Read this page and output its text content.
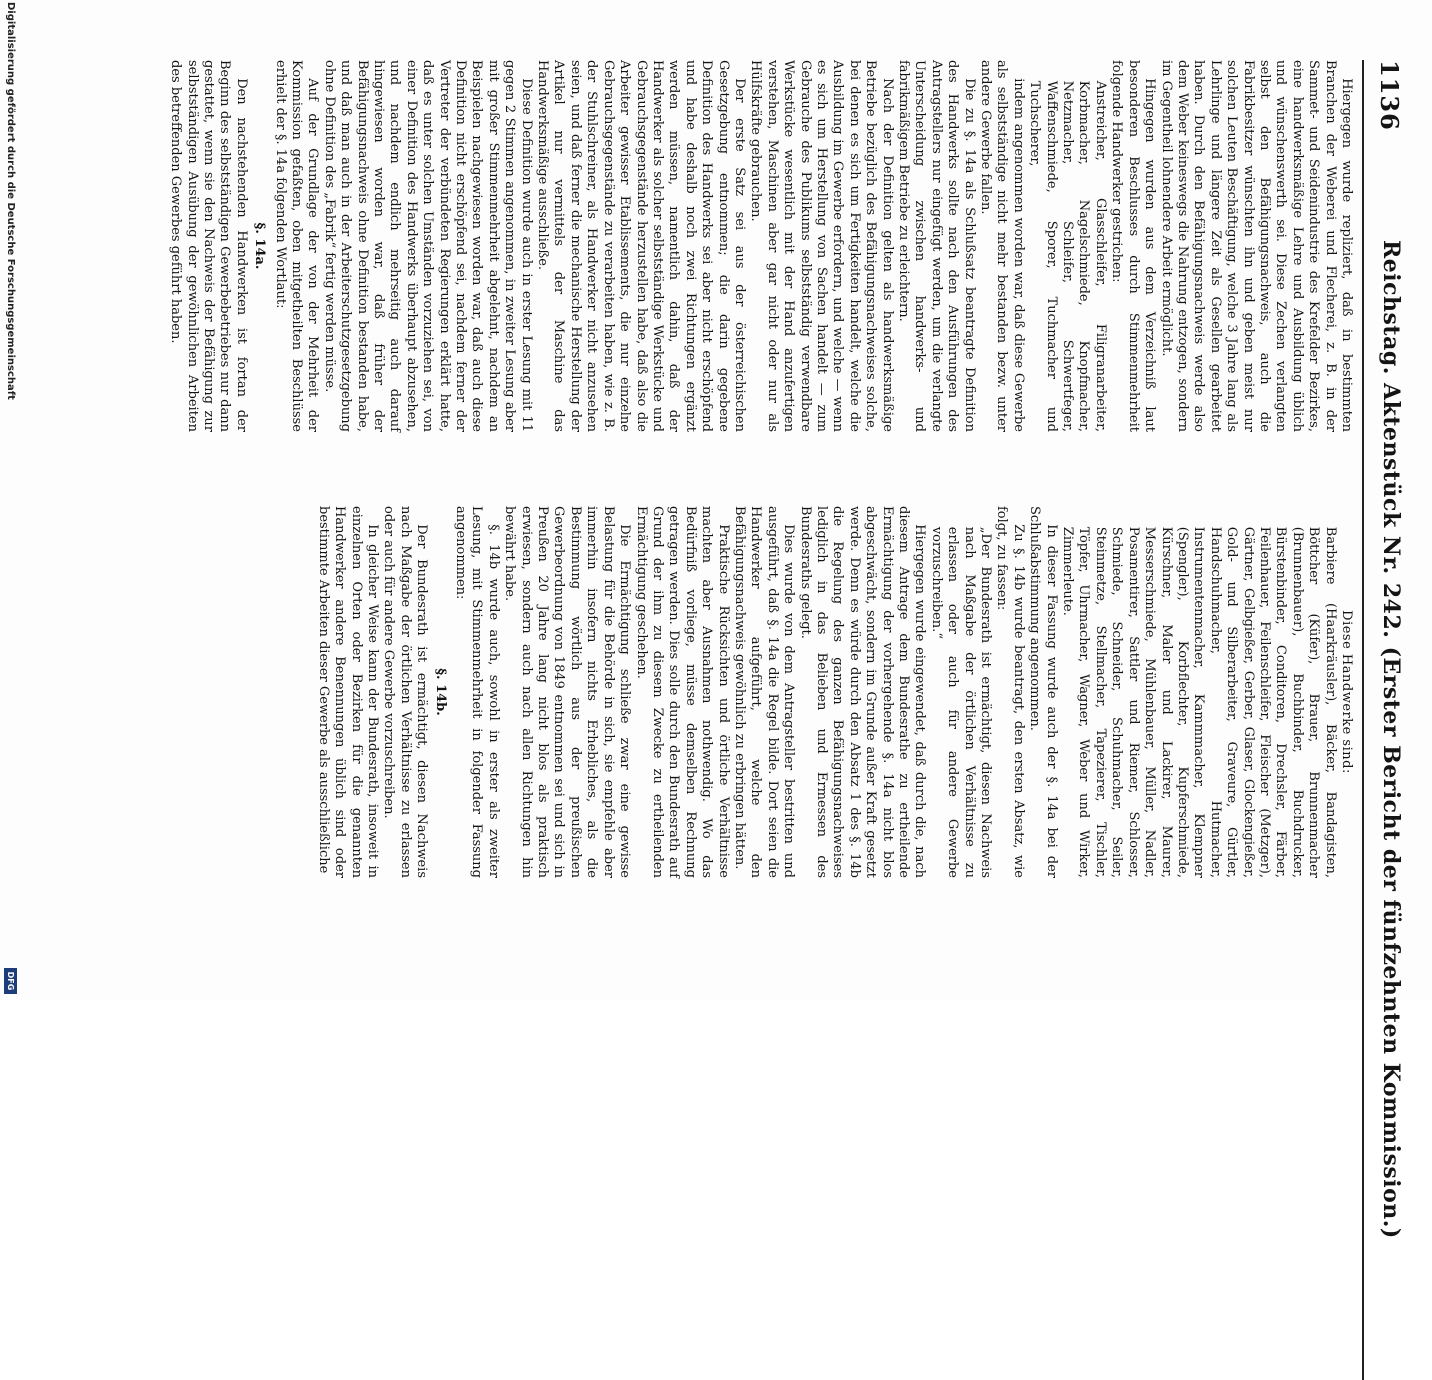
1136
Reichstag. Aktenstück Nr. 242. (Erster Bericht der fünfzehnten Kommission.)

Hiergegen wurde repliziert, daß in bestimmten Branchen der Weberei und Flecherei, z. B. in der Sammet- und Seidenindustrie des Krefelder Bezirkes, eine handwerksmäßige Lehre und Ausbildung üblich und wünschenswerth sei. Diese Zechen verlangten selbst den Befähigungsnachweis, auch die Fabrikbesitzer wünschten ihn und geben meist nur solchen Leuten Beschäftigung, welche 3 Jahre lang als Lehrlinge und längere Zeit als Gesellen gearbeitet haben. Durch den Befähigungsnachweis werde also dem Weber keineswegs die Nahrung entzogen, sondern im Gegentheil lohnendere Arbeit ermöglicht.

Hingegen wurden aus dem Verzeichniß laut besonderen Beschlusses durch Stimmenmehrheit folgende Handwerker gestrichen:

Anstreicher, Glasschleifer, Filigranarbeiter, Korbmacher, Nagelschmiede, Knopfmacher, Netzmacher, Schleifer, Schwertfeger, Waffenschmiede, Sporer, Tuchmacher und Tuchscherer,

indem angenommen worden war, daß diese Gewerbe als selbstständige nicht mehr bestanden bezw. unter andere Gewerbe fallen.

Die zu §. 14a als Schlußsatz beantragte Definition des Handwerks sollte nach den Ausführungen des Antragstellers nur eingefügt werden, um die verlangte Unterscheidung zwischen handwerks- und fabrikmäßigem Betriebe zu erleichtern.

Nach der Definition gelten als handwerksmäßige Betriebe bezüglich des Befähigungsnachweises solche, bei denen es sich um Fertigkeiten handelt, welche die Ausbildung im Gewerbe erfordern, und welche — wenn es sich um Herstellung von Sachen handelt — zum Gebrauche des Publikums selbstständig verwendbare Werkstücke wesentlich mit der Hand anzufertigen verstehen, Maschinen aber gar nicht oder nur als Hülfskräfte gebrauchen.

Der erste Satz sei aus der österreichischen Gesetzgebung entnommen; die darin gegebene Definition des Handwerks sei aber nicht erschöpfend und habe deshalb noch zwei Richtungen ergänzt werden müssen, namentlich dahin, daß der Handwerker als solcher selbstständige Werkstücke und Gebrauchsgegenstände herzustellen habe, daß also die Arbeiter gewisser Etablissements, die nur einzelne Gebrauchsgegenstände zu verarbeiten haben, wie z. B. der Stuhlschreiner, als Handwerker nicht anzusehen seien, und daß ferner die mechanische Herstellung der Artikel nur vermittels der Maschine das Handwerksmäßige ausschließe.

Diese Definition wurde auch in erster Lesung mit 11 gegen 2 Stimmen angenommen, in zweiter Lesung aber mit großer Stimmenmehrheit abgelehnt, nachdem an Beispielen nachgewiesen worden war, daß auch diese Definition nicht erschöpfend sei, nachdem ferner der Vertreter der verbündeten Regierungen erklärt hatte, daß es unter solchen Umständen vorzuziehen sei, von einer Definition des Handwerks überhaupt abzusehen, und nachdem endlich mehrseitig auch darauf hingewiesen worden war, daß früher der Befähigungsnachweis ohne Definition bestanden habe, und daß man auch in der Arbeiterschutzgesetzgebung ohne Definition des „Fabrik“ fertig werden müsse.

Auf der Grundlage der von der Mehrheit der Kommission gefaßten, oben mitgetheilten Beschlüsse erhielt der §. 14a folgenden Wortlaut:

§. 14a.

Den nachstehenden Handwerken ist fortan der Beginn des selbstständigen Gewerbebetriebes nur dann gestattet, wenn sie den Nachweis der Befähigung zur selbstständigen Ausübung der gewöhnlichen Arbeiten des betreffenden Gewerbes geführt haben.

Diese Handwerke sind:

Barbiere (Haarkräusler), Bäcker, Bandagisten, Böttcher (Küfer), Brauer, Brunnenmacher (Brunnenbauer), Buchbinder, Buchdrucker, Bürstenbinder, Conditoren, Drechsler, Färber, Feilenhauer, Feilenschleifer, Fleischer (Metzger), Gärtner, Gelbgießer, Gerber, Glaser, Glockengießer, Gold- und Silberarbeiter, Graveure, Gürtler, Handschuhmacher, Hutmacher, Instrumentenmacher, Kammmacher, Klempner (Spengler), Korbflechter, Kupferschmiede, Kürschner, Maler und Lackirer, Maurer, Messerschmiede, Mühlenbauer, Müller, Nadler, Posamentirer, Sattler und Riemer, Schlosser, Schmiede, Schneider, Schuhmacher, Seiler, Steinmetze, Stellmacher, Tapezierer, Tischler, Töpfer, Uhrmacher, Wagner, Weber und Wirker, Zimmerleute.

In dieser Fassung wurde auch der §. 14a bei der Schlußabstimmung angenommen.

Zu §. 14b wurde beantragt, den ersten Absatz, wie folgt, zu fassen:

„Der Bundesrath ist ermächtigt, diesen Nachweis nach Maßgabe der örtlichen Verhältnisse zu erlassen oder auch für andere Gewerbe vorzuschreiben.“

Hiergegen wurde eingewendet, daß durch die, nach diesem Antrage dem Bundesrathe zu ertheilende Ermächtigung der vorhergehende §. 14a nicht blos abgeschwächt, sondern im Grunde außer Kraft gesetzt werde. Denn es würde durch den Absatz 1 des §. 14b die Regelung des ganzen Befähigungsnachweises lediglich in das Belieben und Ermessen des Bundesraths gelegt.

Dies wurde von dem Antragsteller bestritten und ausgeführt, daß §. 14a die Regel bilde. Dort seien die Handwerker aufgeführt, welche den Befähigungsnachweis gewöhnlich zu erbringen hätten.

Praktische Rücksichten und örtliche Verhältnisse machten aber Ausnahmen nothwendig. Wo das Bedürfniß vorliege, müsse demselben Rechnung getragen werden. Dies solle durch den Bundesrath auf Grund der ihm zu diesem Zwecke zu ertheilenden Ermächtigung geschehen.

Die Ermächtigung schließe zwar eine gewisse Belastung für die Behörde in sich, sie empfehle aber immerhin insofern nichts Erhebliches, als die Bestimmung wörtlich aus der preußischen Gewerbeordnung von 1849 entnommen sei und sich in Preußen 20 Jahre lang nicht blos als praktisch erwiesen, sondern auch nach allen Richtungen hin bewährt habe.

§. 14b wurde auch, sowohl in erster als zweiter Lesung, mit Stimmenmehrheit in folgender Fassung angenommen:

§. 14b.

Der Bundesrath ist ermächtigt, diesen Nachweis nach Maßgabe der örtlichen Verhältnisse zu erlassen oder auch für andere Gewerbe vorzuschreiben.

In gleicher Weise kann der Bundesrath, insoweit in einzelnen Orten oder Bezirken für die genannten Handwerker andere Benennungen üblich sind oder bestimmte Arbeiten dieser Gewerbe als ausschließliche

Digitalisierung gefördert durch die Deutsche Forschungsgemeinschaft
DFG
